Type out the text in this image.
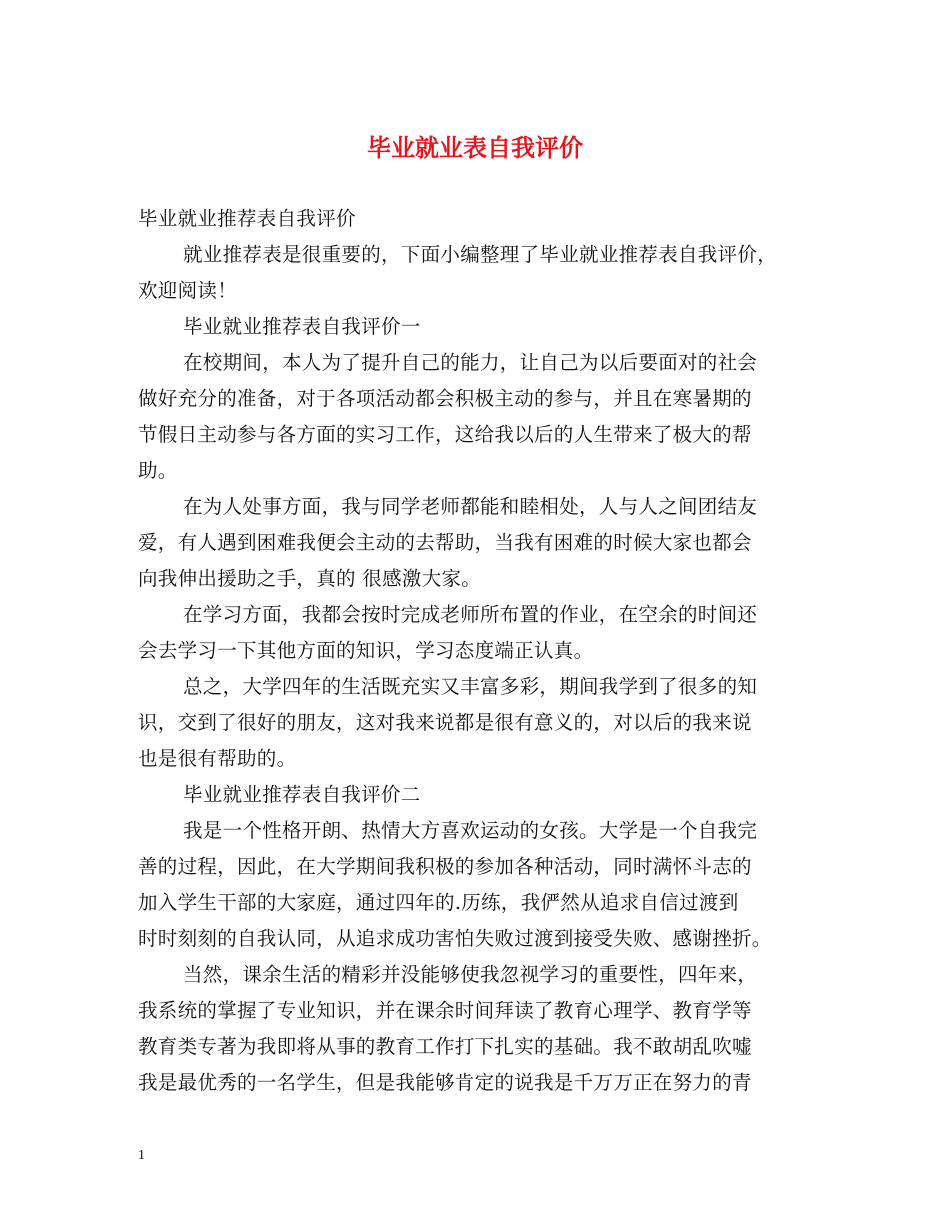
毕业就业表自我评价
毕业就业推荐表自我评价
就业推荐表是很重要的，下面小编整理了毕业就业推荐表自我评价，
欢迎阅读！
毕业就业推荐表自我评价一
在校期间，本人为了提升自己的能力，让自己为以后要面对的社会
做好充分的准备，对于各项活动都会积极主动的参与，并且在寒暑期的
节假日主动参与各方面的实习工作，这给我以后的人生带来了极大的帮
助。
在为人处事方面，我与同学老师都能和睦相处，人与人之间团结友
爱，有人遇到困难我便会主动的去帮助，当我有困难的时候大家也都会
向我伸出援助之手，真的 很感激大家。
在学习方面，我都会按时完成老师所布置的作业，在空余的时间还
会去学习一下其他方面的知识，学习态度端正认真。
总之，大学四年的生活既充实又丰富多彩，期间我学到了很多的知
识，交到了很好的朋友，这对我来说都是很有意义的，对以后的我来说
也是很有帮助的。
毕业就业推荐表自我评价二
我是一个性格开朗、热情大方喜欢运动的女孩。大学是一个自我完
善的过程，因此，在大学期间我积极的参加各种活动，同时满怀斗志的
加入学生干部的大家庭，通过四年的.历练，我俨然从追求自信过渡到
时时刻刻的自我认同，从追求成功害怕失败过渡到接受失败、感谢挫折。
当然，课余生活的精彩并没能够使我忽视学习的重要性，四年来，
我系统的掌握了专业知识，并在课余时间拜读了教育心理学、教育学等
教育类专著为我即将从事的教育工作打下扎实的基础。我不敢胡乱吹嘘
我是最优秀的一名学生，但是我能够肯定的说我是千万万正在努力的青
1
